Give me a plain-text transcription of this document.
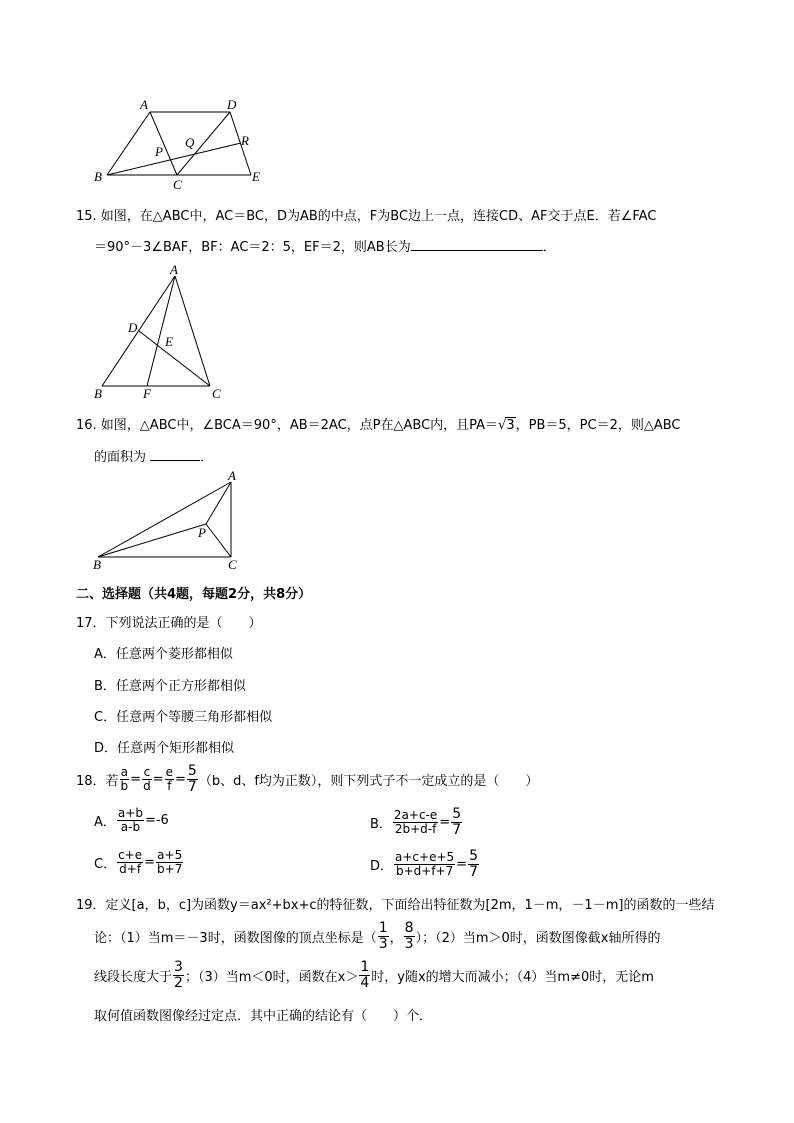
A	D
R
Q
P
B
C
E
15. 如图，在△ABC中，AC＝BC，D为AB的中点，F为BC边上一点，连接CD、AF交于点E．若∠FAC
＝90°－3∠BAF，BF：AC＝2：5，EF＝2，则AB长为	．
A
D
E
B	F	C
16. 如图，△ABC中，∠BCA＝90°，AB＝2AC，点P在△ABC内，且PA＝√3，PB＝5，PC＝2，则△ABC
的面积为	．
A
P
B	C
二、选择题（共4题，每题2分，共8分）
17．下列说法正确的是（　　）
A．任意两个菱形都相似
B．任意两个正方形都相似
C．任意两个等腰三角形都相似
D．任意两个矩形都相似
18．若 $\frac{a}{b} = \frac{c}{d} = \frac{e}{f} = \frac{5}{7} (b$、d、f均为正数），则下列式子不一定成立的是（　　）
A． $\frac{a+b}{a-b} =-6$	B． $\frac{2a+c-e}{2b+d-f} = \frac{5}{7}$
C． $\frac{c+e}{d+f} = \frac{a+5}{b+7}$	D． $\frac{a+c+e+5}{b+d+f+7} = \frac{5}{7}$
19．定义[a，b，c]为函数y＝ax²+bx+c的特征数，下面给出特征数为[2m，1－m，－1－m]的函数的一些结
论：（1）当m＝－3时，函数图像的顶点坐标是（ $\frac{1}{3}$ ， $\frac{8}{3}$ ）；（2）当m＞0时，函数图像截x轴所得的
线段长度大于 $\frac{3}{2}$ ；（3）当m＜0时，函数在$x> \frac{1}{4}$ 时，y随x的增大而减小；（4）当m≠0时，无论m
取何值函数图像经过定点．其中正确的结论有（　　）个．
